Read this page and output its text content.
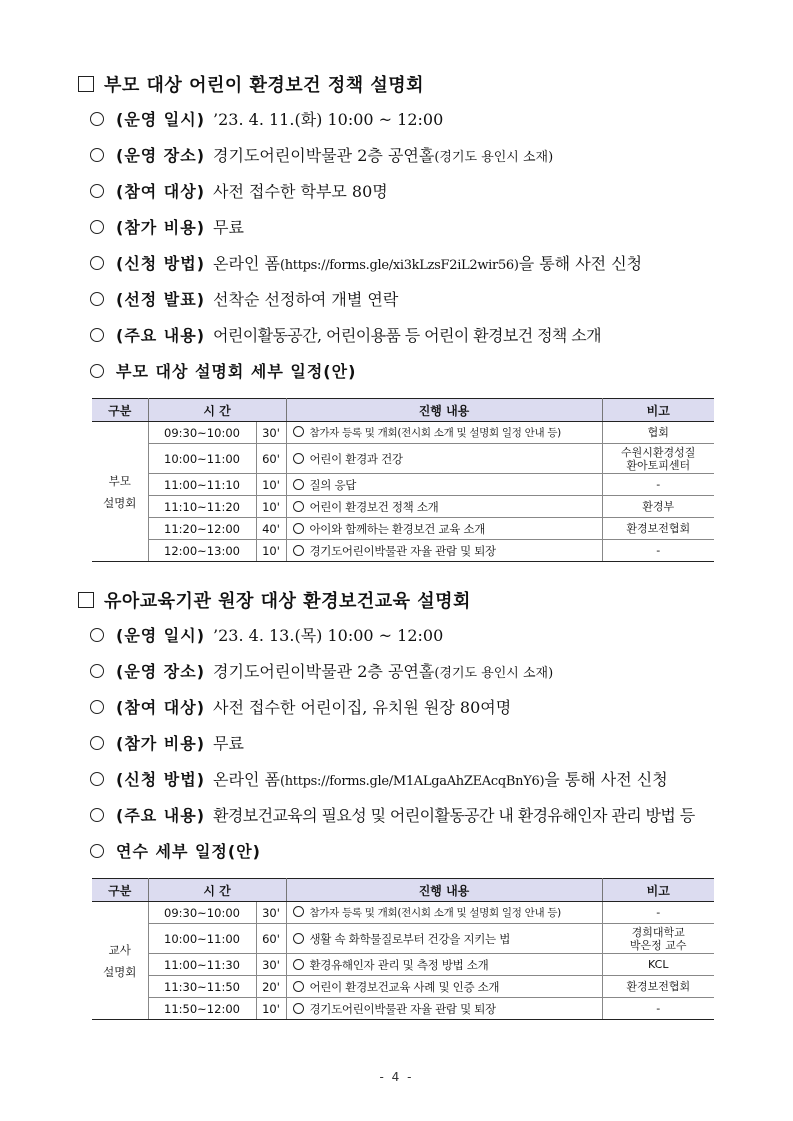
부모 대상 어린이 환경보건 정책 설명회
(운영 일시) ’23. 4. 11.(화) 10:00 ~ 12:00
(운영 장소) 경기도어린이박물관 2층 공연홀(경기도 용인시 소재)
(참여 대상) 사전 접수한 학부모 80명
(참가 비용) 무료
(신청 방법) 온라인 폼(https://forms.gle/xi3kLzsF2iL2wir56)을 통해 사전 신청
(선정 발표) 선착순 선정하여 개별 연락
(주요 내용) 어린이활동공간, 어린이용품 등 어린이 환경보건 정책 소개
부모 대상 설명회 세부 일정(안)
구분	시 간		진행 내용	비고
부모
설명회	09:30~10:00	30'	참가자 등록 및 개회(전시회 소개 및 설명회 일정 안내 등)	협회
	10:00~11:00	60'	어린이 환경과 건강	수원시환경성질
환아토피센터
	11:00~11:10	10'	질의 응답	-
	11:10~11:20	10'	어린이 환경보건 정책 소개	환경부
	11:20~12:00	40'	아이와 함께하는 환경보건 교육 소개	환경보전협회
	12:00~13:00	10'	경기도어린이박물관 자율 관람 및 퇴장	-
유아교육기관 원장 대상 환경보건교육 설명회
(운영 일시) ’23. 4. 13.(목) 10:00 ~ 12:00
(운영 장소) 경기도어린이박물관 2층 공연홀(경기도 용인시 소재)
(참여 대상) 사전 접수한 어린이집, 유치원 원장 80여명
(참가 비용) 무료
(신청 방법) 온라인 폼(https://forms.gle/M1ALgaAhZEAcqBnY6)을 통해 사전 신청
(주요 내용) 환경보건교육의 필요성 및 어린이활동공간 내 환경유해인자 관리 방법 등
연수 세부 일정(안)
구분	시 간		진행 내용	비고
교사
설명회	09:30~10:00	30'	참가자 등록 및 개회(전시회 소개 및 설명회 일정 안내 등)	-
	10:00~11:00	60'	생활 속 화학물질로부터 건강을 지키는 법	경희대학교
박은정 교수
	11:00~11:30	30'	환경유해인자 관리 및 측정 방법 소개	KCL
	11:30~11:50	20'	어린이 환경보건교육 사례 및 인증 소개	환경보전협회
	11:50~12:00	10'	경기도어린이박물관 자율 관람 및 퇴장	-
- 4 -
